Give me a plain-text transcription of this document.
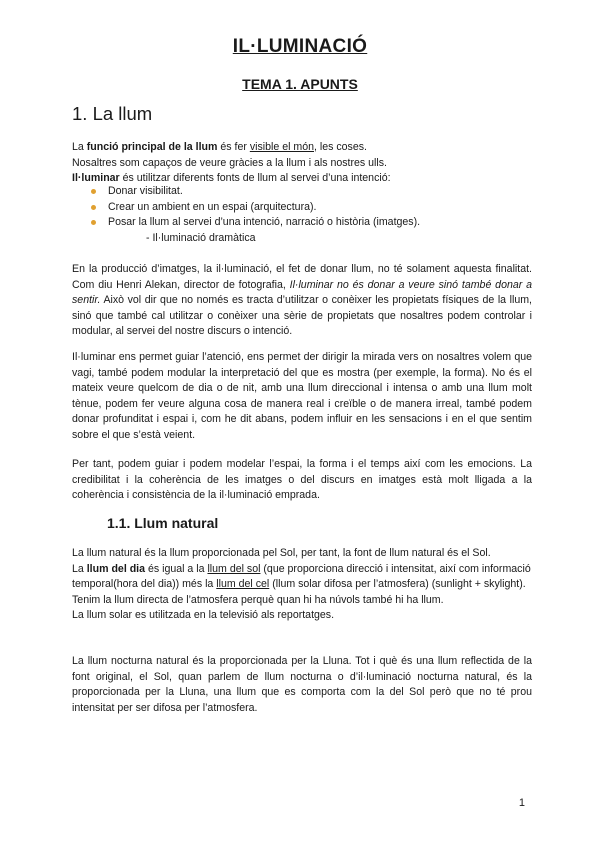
IL·LUMINACIÓ
TEMA 1. APUNTS
1. La llum

La funció principal de la llum és fer visible el món, les coses.

Nosaltres som capaços de veure gràcies a la llum i als nostres ulls.

Il·luminar és utilitzar diferents fonts de llum al servei d’una intenció:

Donar visibilitat.
Crear un ambient en un espai (arquitectura).
Posar la llum al servei d’una intenció, narració o història (imatges).
- Il·luminació dramàtica

En la producció d’imatges, la il·luminació, el fet de donar llum, no té solament aquesta finalitat. Com diu Henri Alekan, director de fotografia, Il·luminar no és donar a veure sinó també donar a sentir. Això vol dir que no només es tracta d’utilitzar o conèixer les propietats físiques de la llum, sinó que també cal utilitzar o conèixer una sèrie de propietats que nosaltres podem controlar i modular, al servei del nostre discurs o intenció.

Il·luminar ens permet guiar l’atenció, ens permet der dirigir la mirada vers on nosaltres volem que vagi, també podem modular la interpretació del que es mostra (per exemple, la forma). No és el mateix veure quelcom de dia o de nit, amb una llum direccional i intensa o amb una llum molt tènue, podem fer veure alguna cosa de manera real i creïble o de manera irreal, també podem donar profunditat i espai i, com he dit abans, podem influir en les sensacions i en el que sentim sobre el que s’està veient.

Per tant, podem guiar i podem modelar l’espai, la forma i el temps així com les emocions. La credibilitat i la coherència de les imatges o del discurs en imatges està molt lligada a la coherència i consistència de la il·luminació emprada.

1.1. Llum natural

La llum natural és la llum proporcionada pel Sol, per tant, la font de llum natural és el Sol.

La llum del dia és igual a la llum del sol (que proporciona direcció i intensitat, així com informació temporal(hora del dia)) més la llum del cel (llum solar difosa per l’atmosfera) (sunlight + skylight).

Tenim la llum directa de l’atmosfera perquè quan hi ha núvols també hi ha llum.

La llum solar es utilitzada en la televisió als reportatges.

La llum nocturna natural és la proporcionada per la Lluna. Tot i què és una llum reflectida de la font original, el Sol, quan parlem de llum nocturna o d’il·luminació nocturna natural, és la proporcionada per la Lluna, una llum que es comporta com la del Sol però que no té prou intensitat per ser difosa per l’atmosfera.

1
